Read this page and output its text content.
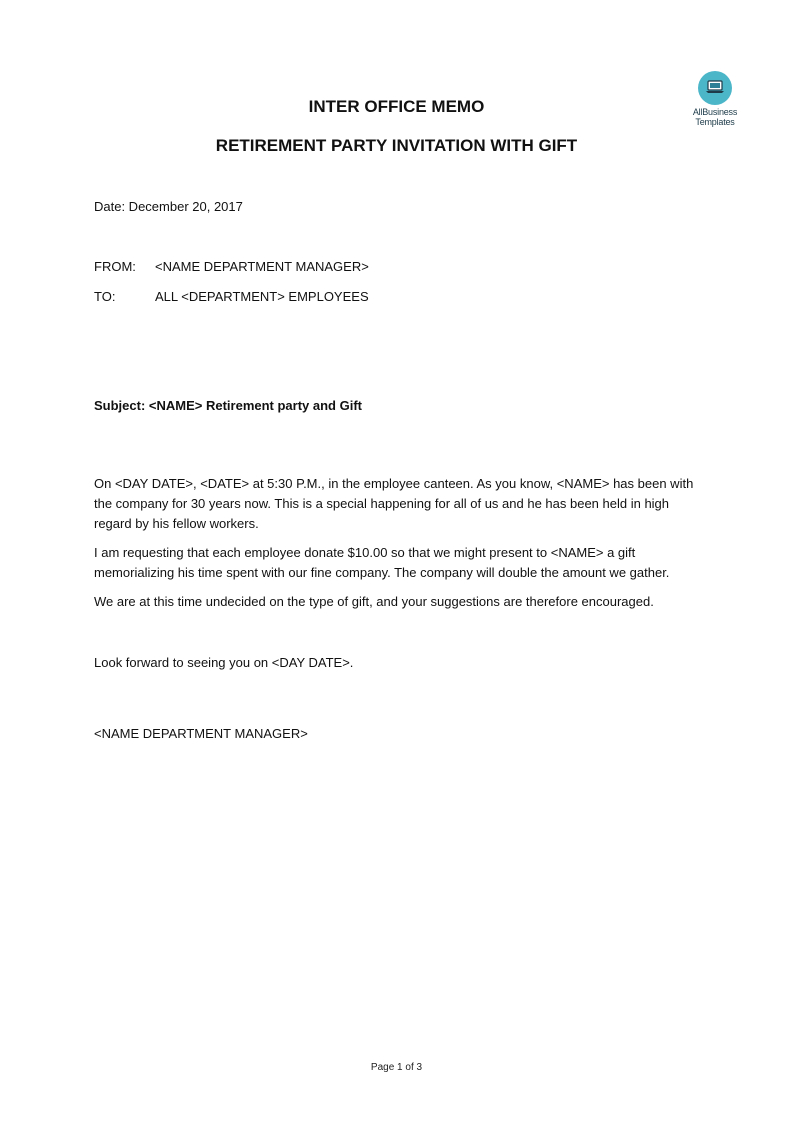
AllBusiness
Templates
INTER OFFICE MEMO
RETIREMENT PARTY INVITATION WITH GIFT
Date: December 20, 2017
FROM: <NAME DEPARTMENT MANAGER>
TO:	ALL <DEPARTMENT> EMPLOYEES
Subject: <NAME> Retirement party and Gift
On <DAY DATE>, <DATE> at 5:30 P.M., in the employee canteen. As you know, <NAME> has been with the company for 30 years now. This is a special happening for all of us and he has been held in high regard by his fellow workers.
I am requesting that each employee donate $10.00 so that we might present to <NAME> a gift memorializing his time spent with our fine company. The company will double the amount we gather.
We are at this time undecided on the type of gift, and your suggestions are therefore encouraged.
Look forward to seeing you on <DAY DATE>.
<NAME DEPARTMENT MANAGER>
Page 1 of 3
